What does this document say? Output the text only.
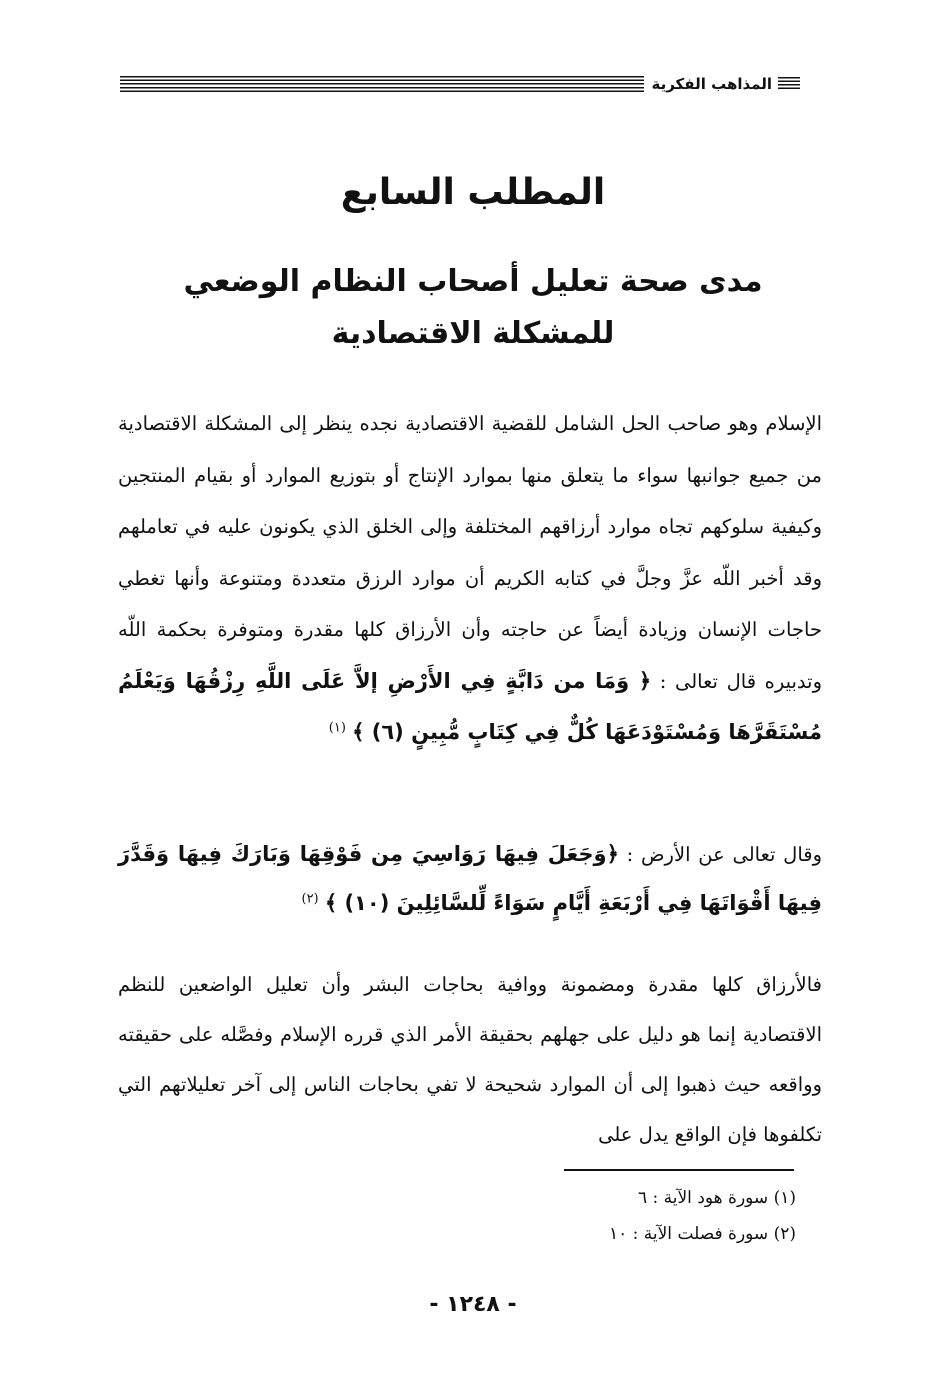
المذاهب الفكرية
المطلب السابع
مدى صحة تعليل أصحاب النظام الوضعي
للمشكلة الاقتصادية

الإسلام وهو صاحب الحل الشامل للقضية الاقتصادية نجده ينظر إلى المشكلة الاقتصادية من جميع جوانبها سواء ما يتعلق منها بموارد الإنتاج أو بتوزيع الموارد أو بقيام المنتجين وكيفية سلوكهم تجاه موارد أرزاقهم المختلفة وإلى الخلق الذي يكونون عليه في تعاملهم وقد أخبر اللّه عزَّ وجلَّ في كتابه الكريم أن موارد الرزق متعددة ومتنوعة وأنها تغطي حاجات الإنسان وزيادة أيضاً عن حاجته وأن الأرزاق كلها مقدرة ومتوفرة بحكمة اللّه وتدبيره قال تعالى : ﴿ وَمَا من دَابَّةٍ فِي الأَرْضِ إلاَّ عَلَى اللَّهِ رِزْقُهَا وَيَعْلَمُ مُسْتَقَرَّهَا وَمُسْتَوْدَعَهَا كُلٌّ فِي كِتَابٍ مُّبِينٍ (٦) ﴾ $^{(١)}$

وقال تعالى عن الأرض : ﴿وَجَعَلَ فِيهَا رَوَاسِيَ مِن فَوْقِهَا وَبَارَكَ فِيهَا وَقَدَّرَ فِيهَا أَقْوَاتَهَا فِي أَرْبَعَةِ أَيَّامٍ سَوَاءً لِّلسَّائِلِينَ (١٠) ﴾ $^{(٢)}$

فالأرزاق كلها مقدرة ومضمونة ووافية بحاجات البشر وأن تعليل الواضعين للنظم الاقتصادية إنما هو دليل على جهلهم بحقيقة الأمر الذي قرره الإسلام وفصَّله على حقيقته وواقعه حيث ذهبوا إلى أن الموارد شحيحة لا تفي بحاجات الناس إلى آخر تعليلاتهم التي تكلفوها فإن الواقع يدل على

(١) سورة هود الآية : ٦
(٢) سورة فصلت الآية : ١٠
- ١٢٤٨ -
